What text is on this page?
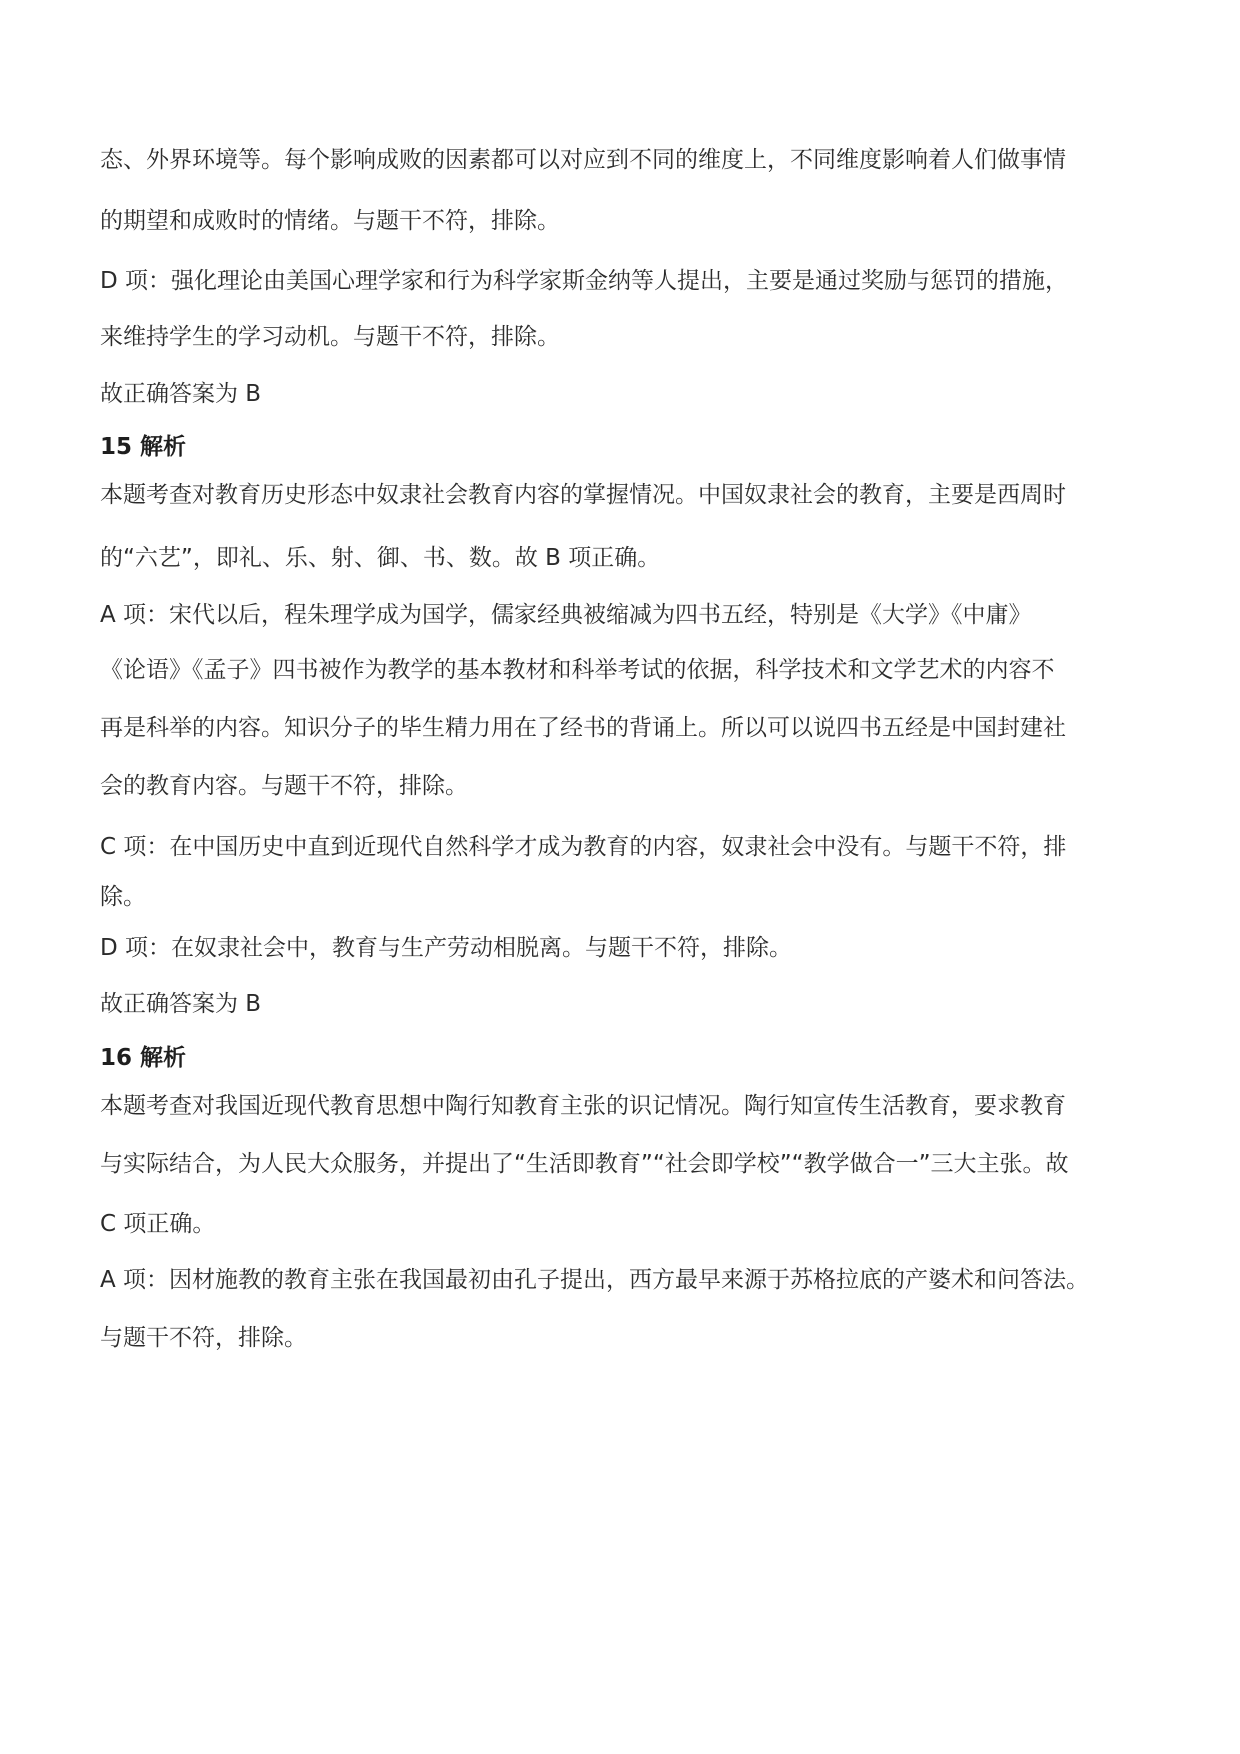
态、外界环境等。每个影响成败的因素都可以对应到不同的维度上，不同维度影响着人们做事情
的期望和成败时的情绪。与题干不符，排除。
D 项：强化理论由美国心理学家和行为科学家斯金纳等人提出，主要是通过奖励与惩罚的措施，
来维持学生的学习动机。与题干不符，排除。
故正确答案为 B
15 解析
本题考查对教育历史形态中奴隶社会教育内容的掌握情况。中国奴隶社会的教育，主要是西周时
的“六艺”，即礼、乐、射、御、书、数。故 B 项正确。
A 项：宋代以后，程朱理学成为国学，儒家经典被缩减为四书五经，特别是《大学》《中庸》
《论语》《孟子》四书被作为教学的基本教材和科举考试的依据，科学技术和文学艺术的内容不
再是科举的内容。知识分子的毕生精力用在了经书的背诵上。所以可以说四书五经是中国封建社
会的教育内容。与题干不符，排除。
C 项：在中国历史中直到近现代自然科学才成为教育的内容，奴隶社会中没有。与题干不符，排
除。
D 项：在奴隶社会中，教育与生产劳动相脱离。与题干不符，排除。
故正确答案为 B
16 解析
本题考查对我国近现代教育思想中陶行知教育主张的识记情况。陶行知宣传生活教育，要求教育
与实际结合，为人民大众服务，并提出了“生活即教育”“社会即学校”“教学做合一”三大主张。故
C 项正确。
A 项：因材施教的教育主张在我国最初由孔子提出，西方最早来源于苏格拉底的产婆术和问答法。
与题干不符，排除。
